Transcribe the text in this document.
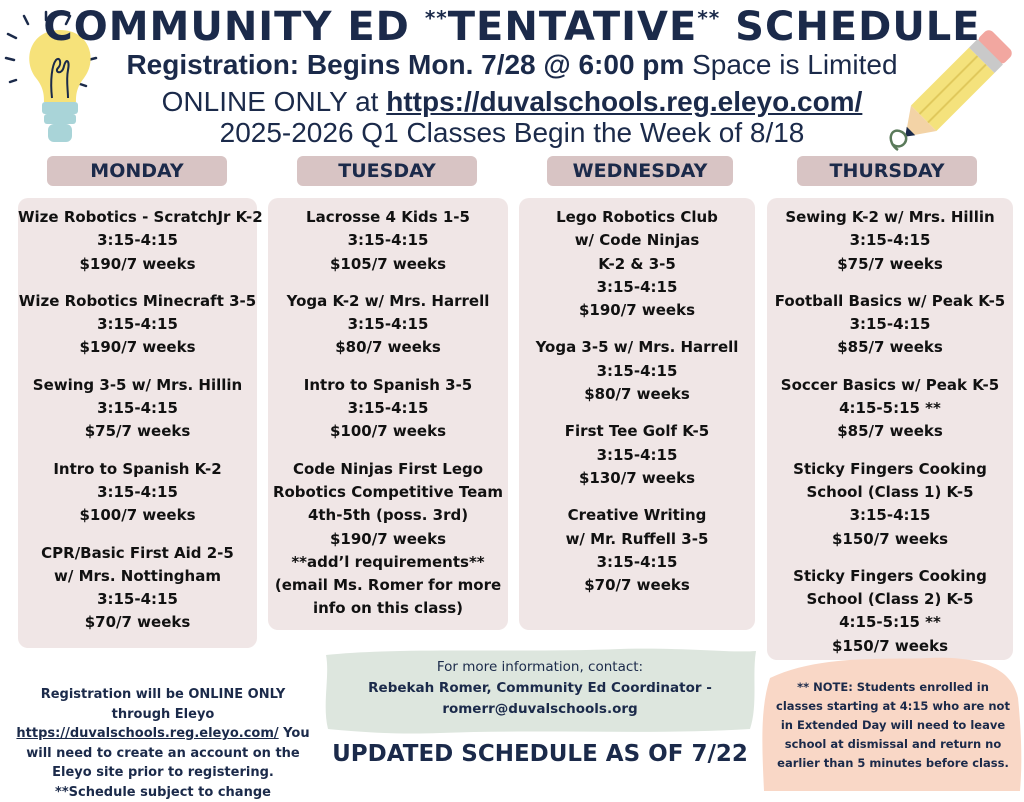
COMMUNITY ED **TENTATIVE** SCHEDULE
Registration: Begins Mon. 7/28 @ 6:00 pm Space is Limited
ONLINE ONLY at https://duvalschools.reg.eleyo.com/
2025-2026 Q1 Classes Begin the Week of 8/18
MONDAY	TUESDAY	WEDNESDAY	THURSDAY
Wize Robotics - ScratchJr K-2
3:15-4:15
$190/7 weeks
Wize Robotics Minecraft 3-5
3:15-4:15
$190/7 weeks
Sewing 3-5 w/ Mrs. Hillin
3:15-4:15
$75/7 weeks
Intro to Spanish K-2
3:15-4:15
$100/7 weeks
CPR/Basic First Aid 2-5
w/ Mrs. Nottingham
3:15-4:15
$70/7 weeks
Lacrosse 4 Kids 1-5
3:15-4:15
$105/7 weeks
Yoga K-2 w/ Mrs. Harrell
3:15-4:15
$80/7 weeks
Intro to Spanish 3-5
3:15-4:15
$100/7 weeks
Code Ninjas First Lego
Robotics Competitive Team
4th-5th (poss. 3rd)
$190/7 weeks
**add’l requirements**
(email Ms. Romer for more
info on this class)
Lego Robotics Club
w/ Code Ninjas
K-2 & 3-5
3:15-4:15
$190/7 weeks
Yoga 3-5 w/ Mrs. Harrell
3:15-4:15
$80/7 weeks
First Tee Golf K-5
3:15-4:15
$130/7 weeks
Creative Writing
w/ Mr. Ruffell 3-5
3:15-4:15
$70/7 weeks
Sewing K-2 w/ Mrs. Hillin
3:15-4:15
$75/7 weeks
Football Basics w/ Peak K-5
3:15-4:15
$85/7 weeks
Soccer Basics w/ Peak K-5
4:15-5:15 **
$85/7 weeks
Sticky Fingers Cooking
School (Class 1) K-5
3:15-4:15
$150/7 weeks
Sticky Fingers Cooking
School (Class 2) K-5
4:15-5:15 **
$150/7 weeks
For more information, contact:
Rebekah Romer, Community Ed Coordinator -
romerr@duvalschools.org
UPDATED SCHEDULE AS OF 7/22
Registration will be ONLINE ONLY through Eleyo https://duvalschools.reg.eleyo.com/ You will need to create an account on the Eleyo site prior to registering. **Schedule subject to change
** NOTE: Students enrolled in classes starting at 4:15 who are not in Extended Day will need to leave school at dismissal and return no earlier than 5 minutes before class.
